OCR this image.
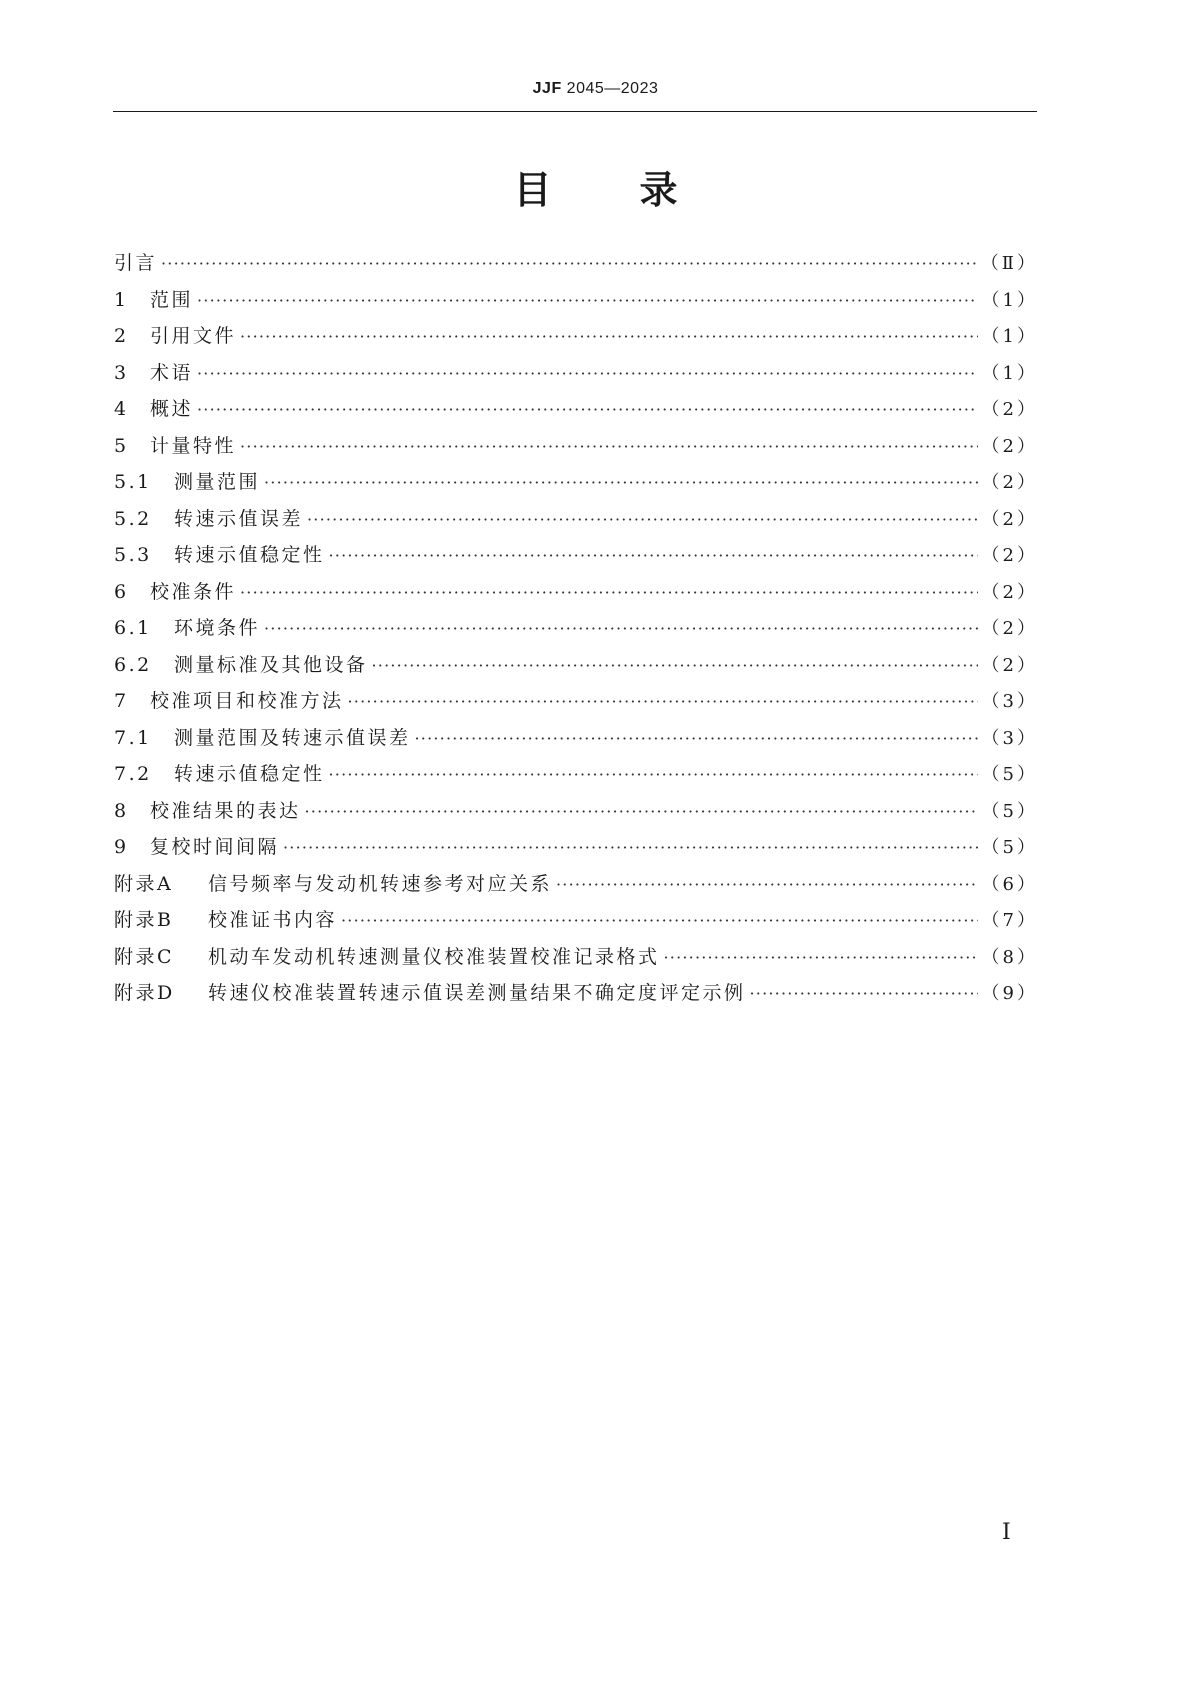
JJF 2045—2023
目 录
引言 ·····	（Ⅱ）
1	范围 ·····	（1）
2	引用文件 ·····	（1）
3	术语 ·····	（1）
4	概述 ·····	（2）
5	计量特性 ·····	（2）
5.1	测量范围 ·····	（2）
5.2	转速示值误差 ·····	（2）
5.3	转速示值稳定性 ·····	（2）
6	校准条件 ·····	（2）
6.1	环境条件 ·····	（2）
6.2	测量标准及其他设备 ·····	（2）
7	校准项目和校准方法 ·····	（3）
7.1	测量范围及转速示值误差 ·····	（3）
7.2	转速示值稳定性 ·····	（5）
8	校准结果的表达 ·····	（5）
9	复校时间间隔 ·····	（5）
附录A	信号频率与发动机转速参考对应关系 ·····	（6）
附录B	校准证书内容 ·····	（7）
附录C	机动车发动机转速测量仪校准装置校准记录格式 ·····	（8）
附录D	转速仪校准装置转速示值误差测量结果不确定度评定示例 ·····	（9）
Ⅰ
